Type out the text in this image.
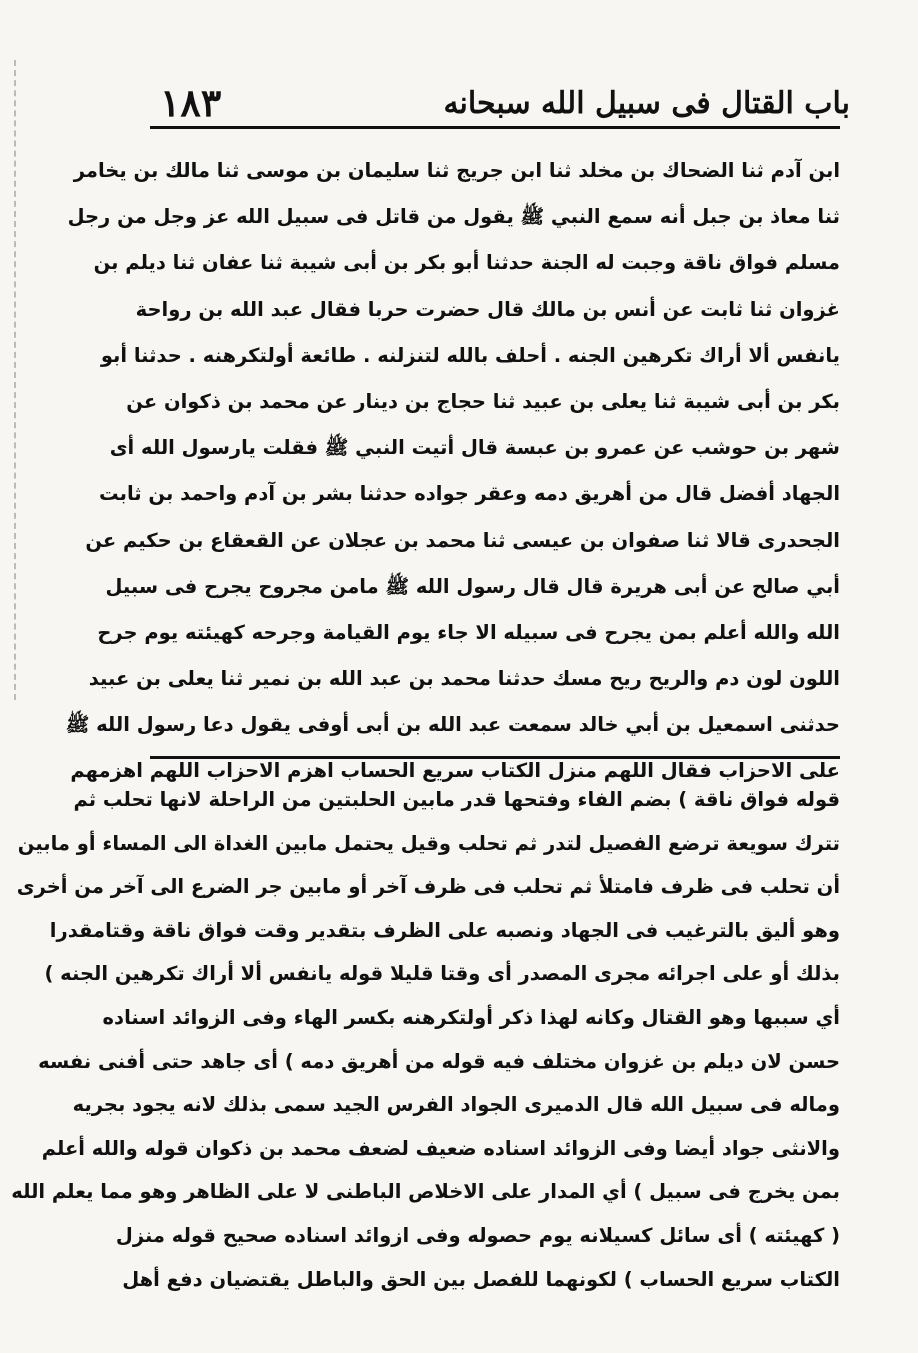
باب القتال فى سبيل الله سبحانه
١٨٣
ابن آدم ثنا الضحاك بن مخلد ثنا ابن جريج ثنا سليمان بن موسى ثنا مالك بن يخامر
ثنا معاذ بن جبل أنه سمع النبي ﷺ يقول من قاتل فى سبيل الله عز وجل من رجل
مسلم فواق ناقة وجبت له الجنة حدثنا أبو بكر بن أبى شيبة ثنا عفان ثنا ديلم بن
غزوان ثنا ثابت عن أنس بن مالك قال حضرت حربا فقال عبد الله بن رواحة
يانفس ألا أراك تكرهين الجنه . أحلف بالله لتنزلنه . طائعة أولتكرهنه . حدثنا أبو
بكر بن أبى شيبة ثنا يعلى بن عبيد ثنا حجاج بن دينار عن محمد بن ذكوان عن
شهر بن حوشب عن عمرو بن عبسة قال أتيت النبي ﷺ فقلت يارسول الله أى
الجهاد أفضل قال من أهريق دمه وعقر جواده حدثنا بشر بن آدم واحمد بن ثابت
الجحدرى قالا ثنا صفوان بن عيسى ثنا محمد بن عجلان عن القعقاع بن حكيم عن
أبي صالح عن أبى هريرة قال قال رسول الله ﷺ مامن مجروح يجرح فى سبيل
الله والله أعلم بمن يجرح فى سبيله الا جاء يوم القيامة وجرحه كهيئته يوم جرح
اللون لون دم والريح ريح مسك حدثنا محمد بن عبد الله بن نمير ثنا يعلى بن عبيد
حدثنى اسمعيل بن أبي خالد سمعت عبد الله بن أبى أوفى يقول دعا رسول الله ﷺ
على الاحزاب فقال اللهم منزل الكتاب سريع الحساب اهزم الاحزاب اللهم اهزمهم
قوله فواق ناقة ) بضم الفاء وفتحها قدر مابين الحلبتين من الراحلة لانها تحلب ثم
تترك سويعة ترضع الفصيل لتدر ثم تحلب وقيل يحتمل مابين الغداة الى المساء أو مابين
أن تحلب فى ظرف فامتلأ ثم تحلب فى ظرف آخر أو مابين جر الضرع الى آخر من أخرى
وهو أليق بالترغيب فى الجهاد ونصبه على الظرف بتقدير وقت فواق ناقة وقتامقدرا
بذلك أو على اجرائه مجرى المصدر أى وقتا قليلا قوله يانفس ألا أراك تكرهين الجنه )
أي سببها وهو القتال وكانه لهذا ذكر أولتكرهنه بكسر الهاء وفى الزوائد اسناده
حسن لان ديلم بن غزوان مختلف فيه قوله من أهريق دمه ) أى جاهد حتى أفنى نفسه
وماله فى سبيل الله قال الدميرى الجواد الفرس الجيد سمى بذلك لانه يجود بجريه
والانثى جواد أيضا وفى الزوائد اسناده ضعيف لضعف محمد بن ذكوان قوله والله أعلم
بمن يخرج فى سبيل ) أي المدار على الاخلاص الباطنى لا على الظاهر وهو مما يعلم الله
( كهيئته ) أى سائل كسيلانه يوم حصوله وفى ازوائد اسناده صحيح قوله منزل
الكتاب سريع الحساب ) لكونهما للفصل بين الحق والباطل يقتضيان دفع أهل
